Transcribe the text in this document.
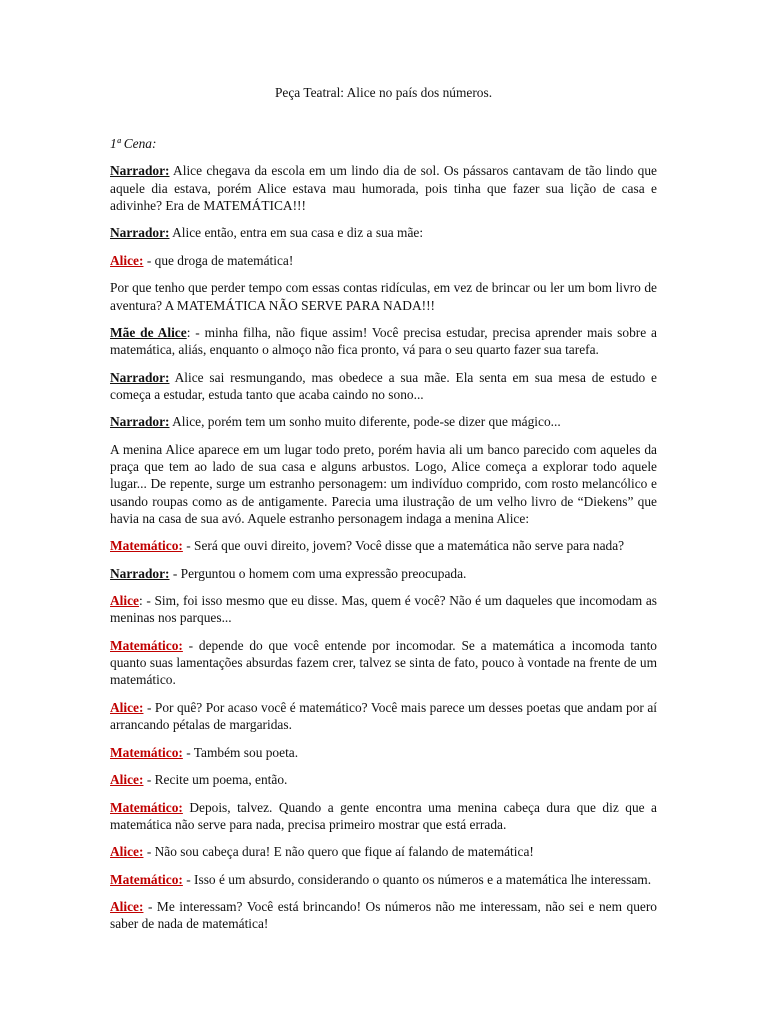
Peça Teatral: Alice no país dos números.

1ª Cena:

Narrador: Alice chegava da escola em um lindo dia de sol. Os pássaros cantavam de tão lindo que aquele dia estava, porém Alice estava mau humorada, pois tinha que fazer sua lição de casa e adivinhe? Era de MATEMÁTICA!!!

Narrador: Alice então, entra em sua casa e diz a sua mãe:

Alice: - que droga de matemática!

Por que tenho que perder tempo com essas contas ridículas, em vez de brincar ou ler um bom livro de aventura? A MATEMÁTICA NÃO SERVE PARA NADA!!!

Mãe de Alice: - minha filha, não fique assim! Você precisa estudar, precisa aprender mais sobre a matemática, aliás, enquanto o almoço não fica pronto, vá para o seu quarto fazer sua tarefa.

Narrador: Alice sai resmungando, mas obedece a sua mãe. Ela senta em sua mesa de estudo e começa a estudar, estuda tanto que acaba caindo no sono...

Narrador: Alice, porém tem um sonho muito diferente, pode-se dizer que mágico...

A menina Alice aparece em um lugar todo preto, porém havia ali um banco parecido com aqueles da praça que tem ao lado de sua casa e alguns arbustos. Logo, Alice começa a explorar todo aquele lugar... De repente, surge um estranho personagem: um indivíduo comprido, com rosto melancólico e usando roupas como as de antigamente. Parecia uma ilustração de um velho livro de “Diekens” que havia na casa de sua avó. Aquele estranho personagem indaga a menina Alice:

Matemático: - Será que ouvi direito, jovem? Você disse que a matemática não serve para nada?

Narrador: - Perguntou o homem com uma expressão preocupada.

Alice: - Sim, foi isso mesmo que eu disse. Mas, quem é você? Não é um daqueles que incomodam as meninas nos parques...

Matemático: - depende do que você entende por incomodar. Se a matemática a incomoda tanto quanto suas lamentações absurdas fazem crer, talvez se sinta de fato, pouco à vontade na frente de um matemático.

Alice: - Por quê? Por acaso você é matemático? Você mais parece um desses poetas que andam por aí arrancando pétalas de margaridas.

Matemático: - Também sou poeta.

Alice: - Recite um poema, então.

Matemático: Depois, talvez. Quando a gente encontra uma menina cabeça dura que diz que a matemática não serve para nada, precisa primeiro mostrar que está errada.

Alice: - Não sou cabeça dura! E não quero que fique aí falando de matemática!

Matemático: - Isso é um absurdo, considerando o quanto os números e a matemática lhe interessam.

Alice: - Me interessam? Você está brincando! Os números não me interessam, não sei e nem quero saber de nada de matemática!
